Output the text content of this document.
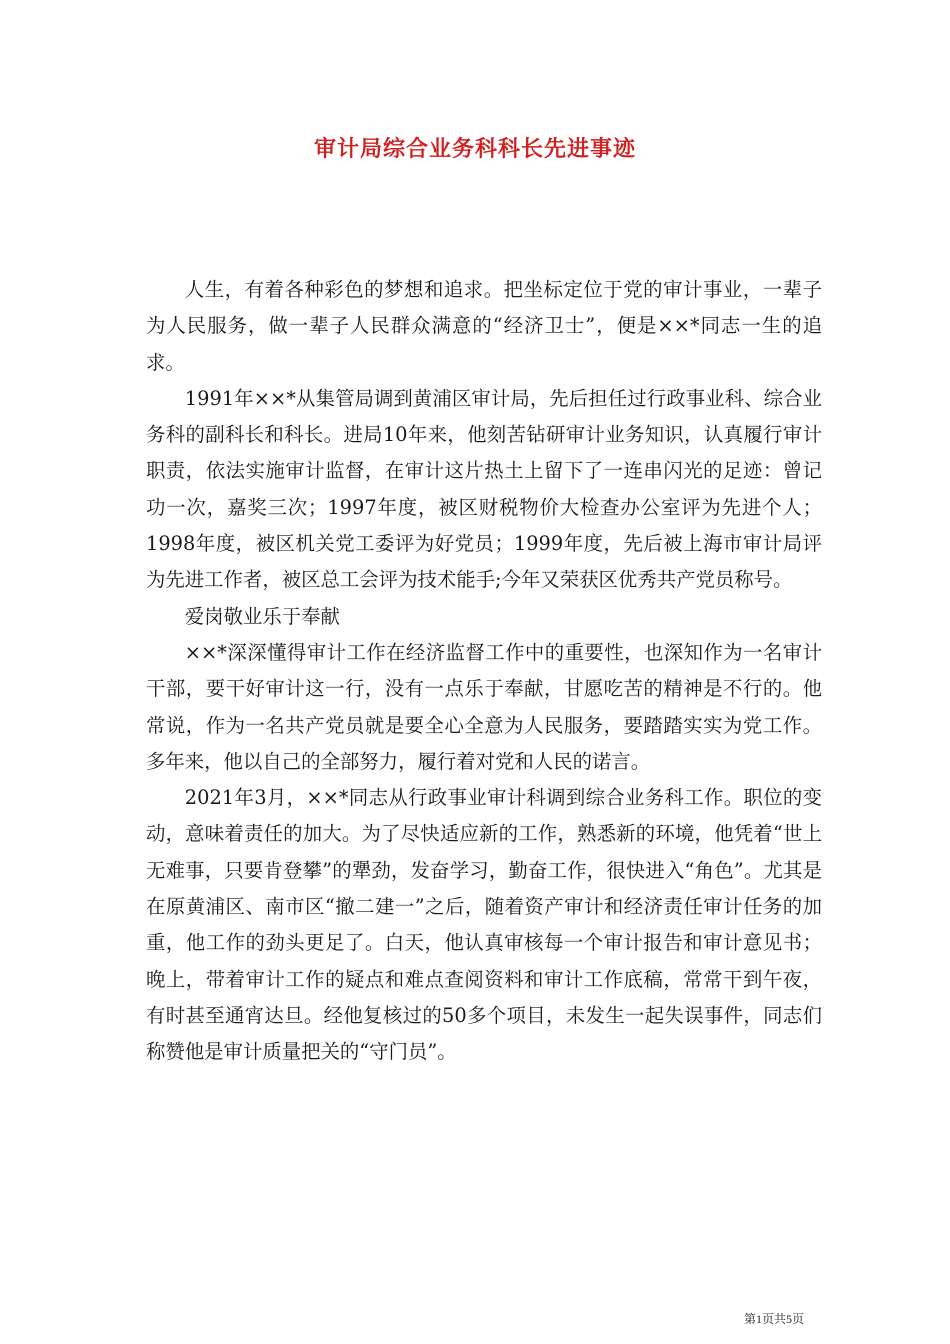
审计局综合业务科科长先进事迹

人生，有着各种彩色的梦想和追求。把坐标定位于党的审计事业，一辈子为人民服务，做一辈子人民群众满意的“经济卫士”，便是××*同志一生的追求。

1991年××*从集管局调到黄浦区审计局，先后担任过行政事业科、综合业务科的副科长和科长。进局10年来，他刻苦钻研审计业务知识，认真履行审计职责，依法实施审计监督，在审计这片热土上留下了一连串闪光的足迹：曾记功一次，嘉奖三次；1997年度，被区财税物价大检查办公室评为先进个人；1998年度，被区机关党工委评为好党员；1999年度，先后被上海市审计局评为先进工作者，被区总工会评为技术能手;今年又荣获区优秀共产党员称号。

爱岗敬业乐于奉献

××*深深懂得审计工作在经济监督工作中的重要性，也深知作为一名审计干部，要干好审计这一行，没有一点乐于奉献，甘愿吃苦的精神是不行的。他常说，作为一名共产党员就是要全心全意为人民服务，要踏踏实实为党工作。多年来，他以自己的全部努力，履行着对党和人民的诺言。

2021年3月，××*同志从行政事业审计科调到综合业务科工作。职位的变动，意味着责任的加大。为了尽快适应新的工作，熟悉新的环境，他凭着“世上无难事，只要肯登攀”的犟劲，发奋学习，勤奋工作，很快进入“角色”。尤其是在原黄浦区、南市区“撤二建一”之后，随着资产审计和经济责任审计任务的加重，他工作的劲头更足了。白天，他认真审核每一个审计报告和审计意见书；晚上，带着审计工作的疑点和难点查阅资料和审计工作底稿，常常干到午夜，有时甚至通宵达旦。经他复核过的50多个项目，未发生一起失误事件，同志们称赞他是审计质量把关的“守门员”。

第1页共5页
